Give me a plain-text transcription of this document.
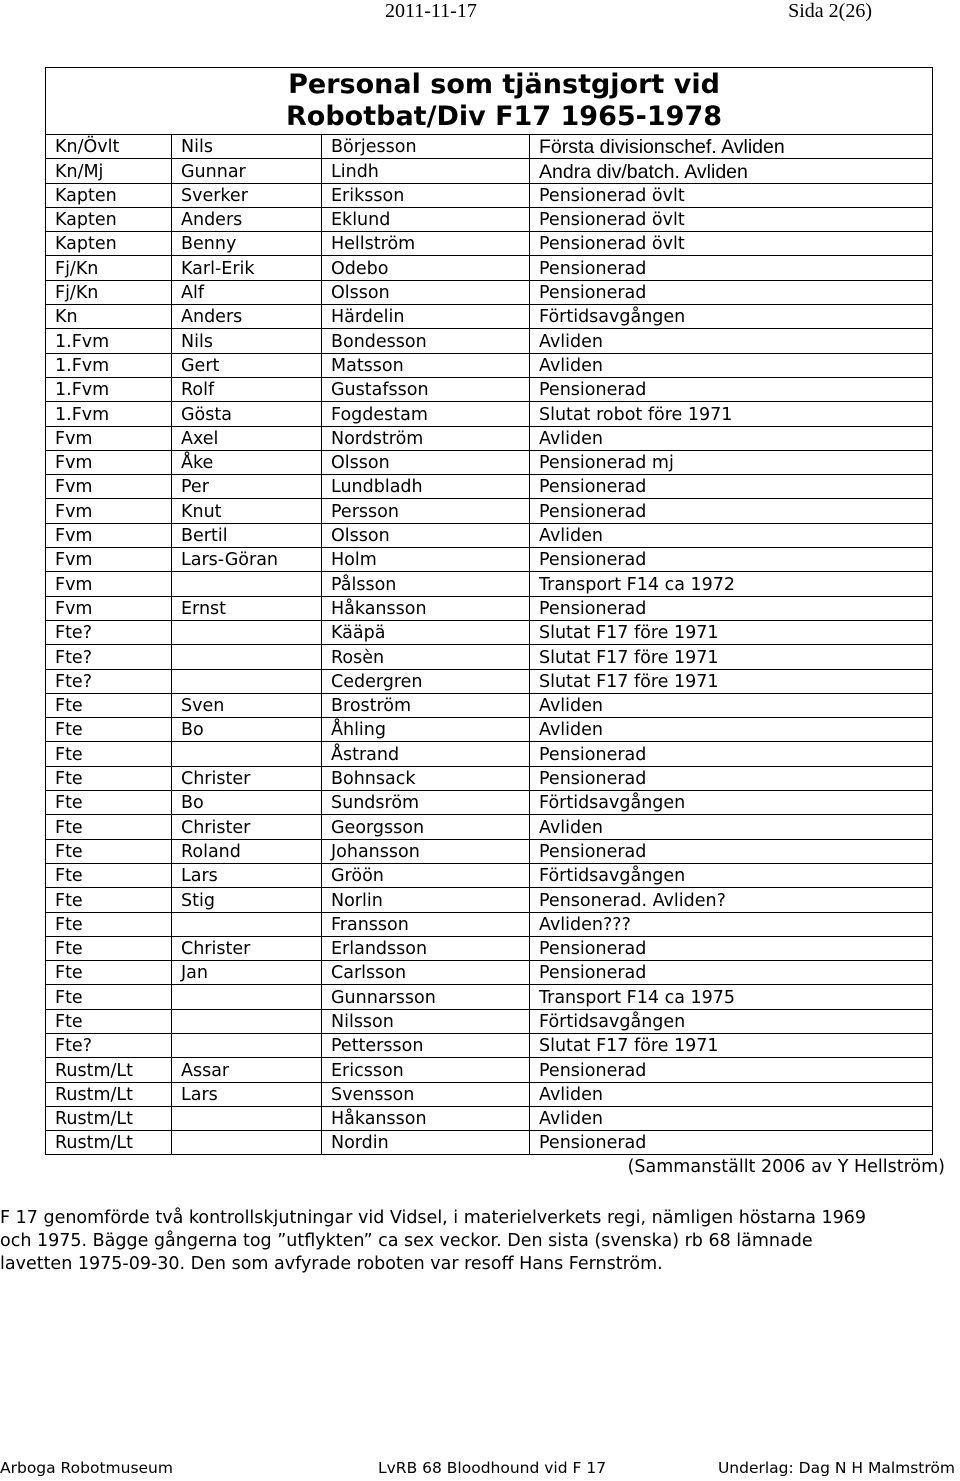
2011-11-17	Sida 2(26)
Personal som tjänstgjort vid
Robotbat/Div F17 1965-1978			

Kn/Övlt	Nils	Börjesson	Första divisionschef. Avliden
Kn/Mj	Gunnar	Lindh	Andra div/batch. Avliden
Kapten	Sverker	Eriksson	Pensionerad övlt
Kapten	Anders	Eklund	Pensionerad övlt
Kapten	Benny	Hellström	Pensionerad övlt
Fj/Kn	Karl-Erik	Odebo	Pensionerad
Fj/Kn	Alf	Olsson	Pensionerad
Kn	Anders	Härdelin	Förtidsavgången
1.Fvm	Nils	Bondesson	Avliden
1.Fvm	Gert	Matsson	Avliden
1.Fvm	Rolf	Gustafsson	Pensionerad
1.Fvm	Gösta	Fogdestam	Slutat robot före 1971
Fvm	Axel	Nordström	Avliden
Fvm	Åke	Olsson	Pensionerad mj
Fvm	Per	Lundbladh	Pensionerad
Fvm	Knut	Persson	Pensionerad
Fvm	Bertil	Olsson	Avliden
Fvm	Lars-Göran	Holm	Pensionerad
Fvm		Pålsson	Transport F14 ca 1972
Fvm	Ernst	Håkansson	Pensionerad
Fte?		Kääpä	Slutat F17 före 1971
Fte?		Rosèn	Slutat F17 före 1971
Fte?		Cedergren	Slutat F17 före 1971
Fte	Sven	Broström	Avliden
Fte	Bo	Åhling	Avliden
Fte		Åstrand	Pensionerad
Fte	Christer	Bohnsack	Pensionerad
Fte	Bo	Sundsröm	Förtidsavgången
Fte	Christer	Georgsson	Avliden
Fte	Roland	Johansson	Pensionerad
Fte	Lars	Gröön	Förtidsavgången
Fte	Stig	Norlin	Pensonerad. Avliden?
Fte		Fransson	Avliden???
Fte	Christer	Erlandsson	Pensionerad
Fte	Jan	Carlsson	Pensionerad
Fte		Gunnarsson	Transport F14 ca 1975
Fte		Nilsson	Förtidsavgången
Fte?		Pettersson	Slutat F17 före 1971
Rustm/Lt	Assar	Ericsson	Pensionerad
Rustm/Lt	Lars	Svensson	Avliden
Rustm/Lt		Håkansson	Avliden
Rustm/Lt		Nordin	Pensionerad
(Sammanställt 2006 av Y Hellström)

F 17 genomförde två kontrollskjutningar vid Vidsel, i materielverkets regi, nämligen höstarna 1969

och 1975. Bägge gångerna tog ”utflykten” ca sex veckor. Den sista (svenska) rb 68 lämnade

lavetten 1975-09-30. Den som avfyrade roboten var resoff Hans Fernström.

Arboga Robotmuseum	LvRB 68 Bloodhound vid F 17	Underlag: Dag N H Malmström
